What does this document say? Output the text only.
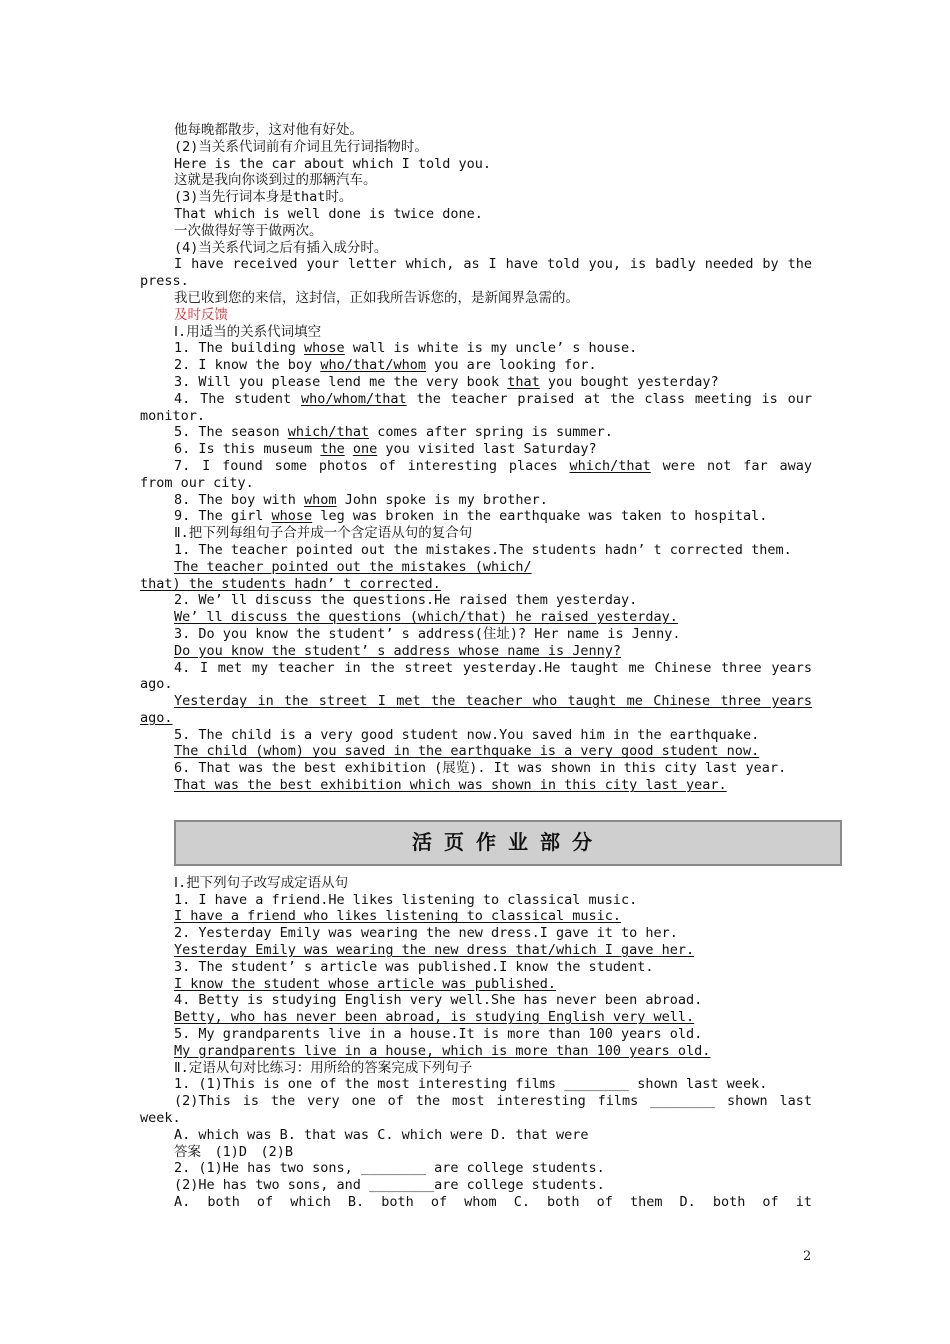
他每晚都散步，这对他有好处。
(2)当关系代词前有介词且先行词指物时。
Here is the car about which I told you.
这就是我向你谈到过的那辆汽车。
(3)当先行词本身是that时。
That which is well done is twice done.
一次做得好等于做两次。
(4)当关系代词之后有插入成分时。
I have received your letter which, as I have told you, is badly needed by the
press.
我已收到您的来信，这封信，正如我所告诉您的，是新闻界急需的。
及时反馈
Ⅰ.用适当的关系代词填空
1. The building whose wall is white is my uncle’ s house.
2. I know the boy who/that/whom you are looking for.
3. Will you please lend me the very book that you bought yesterday?
4. The student who/whom/that the teacher praised at the class meeting is our
monitor.
5. The season which/that comes after spring is summer.
6. Is this museum the one you visited last Saturday?
7. I found some photos of interesting places which/that were not far away
from our city.
8. The boy with whom John spoke is my brother.
9. The girl whose leg was broken in the earthquake was taken to hospital.
Ⅱ.把下列每组句子合并成一个含定语从句的复合句
1. The teacher pointed out the mistakes.The students hadn’ t corrected them.
The teacher pointed out the mistakes (which/
that) the students hadn’ t corrected.
2. We’ ll discuss the questions.He raised them yesterday.
We’ ll discuss the questions (which/that) he raised yesterday.
3. Do you know the student’ s address(住址)? Her name is Jenny.
Do you know the student’ s address whose name is Jenny?
4. I met my teacher in the street yesterday.He taught me Chinese three years
ago.
Yesterday in the street I met the teacher who taught me Chinese three years
ago.
5. The child is a very good student now.You saved him in the earthquake.
The child (whom) you saved in the earthquake is a very good student now.
6. That was the best exhibition (展览). It was shown in this city last year.
That was the best exhibition which was shown in this city last year.
活页作业部分
Ⅰ.把下列句子改写成定语从句
1. I have a friend.He likes listening to classical music.
I have a friend who likes listening to classical music.
2. Yesterday Emily was wearing the new dress.I gave it to her.
Yesterday Emily was wearing the new dress that/which I gave her.
3. The student’ s article was published.I know the student.
I know the student whose article was published.
4. Betty is studying English very well.She has never been abroad.
Betty, who has never been abroad, is studying English very well.
5. My grandparents live in a house.It is more than 100 years old.
My grandparents live in a house, which is more than 100 years old.
Ⅱ.定语从句对比练习：用所给的答案完成下列句子
1. (1)This is one of the most interesting films ________ shown last week.
(2)This is the very one of the most interesting films ________ shown last
week.
A. which was B. that was C. which were D. that were
答案　(1)D　(2)B
2. (1)He has two sons, ________ are college students.
(2)He has two sons, and ________are college students.
A. both of which B. both of whom C. both of them D. both of it
2
